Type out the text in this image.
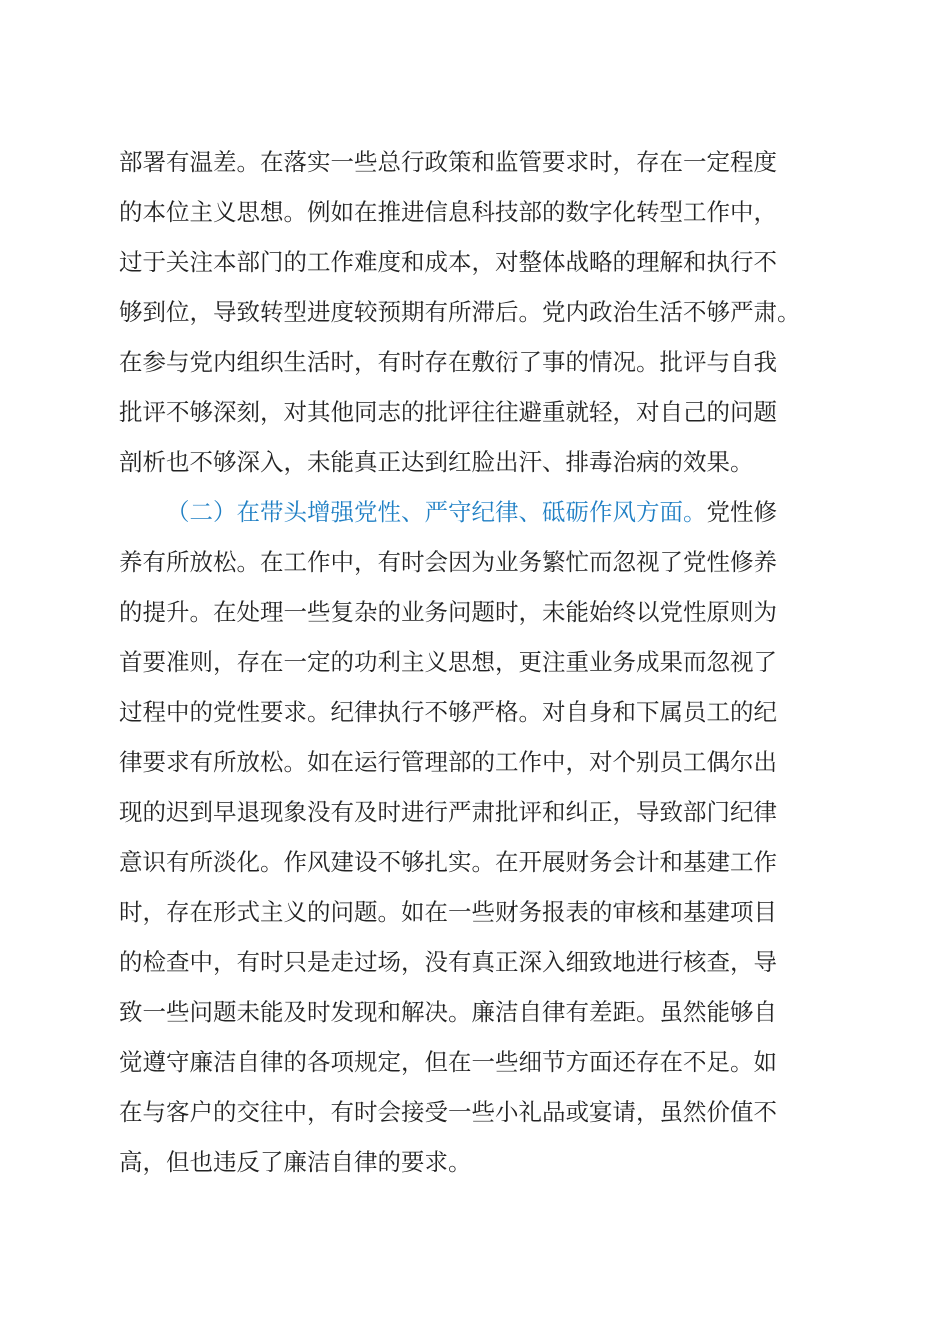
部署有温差。在落实一些总行政策和监管要求时，存在一定程度
的本位主义思想。例如在推进信息科技部的数字化转型工作中，
过于关注本部门的工作难度和成本，对整体战略的理解和执行不
够到位，导致转型进度较预期有所滞后。党内政治生活不够严肃。
在参与党内组织生活时，有时存在敷衍了事的情况。批评与自我
批评不够深刻，对其他同志的批评往往避重就轻，对自己的问题
剖析也不够深入，未能真正达到红脸出汗、排毒治病的效果。
（二）在带头增强党性、严守纪律、砥砺作风方面。党性修
养有所放松。在工作中，有时会因为业务繁忙而忽视了党性修养
的提升。在处理一些复杂的业务问题时，未能始终以党性原则为
首要准则，存在一定的功利主义思想，更注重业务成果而忽视了
过程中的党性要求。纪律执行不够严格。对自身和下属员工的纪
律要求有所放松。如在运行管理部的工作中，对个别员工偶尔出
现的迟到早退现象没有及时进行严肃批评和纠正，导致部门纪律
意识有所淡化。作风建设不够扎实。在开展财务会计和基建工作
时，存在形式主义的问题。如在一些财务报表的审核和基建项目
的检查中，有时只是走过场，没有真正深入细致地进行核查，导
致一些问题未能及时发现和解决。廉洁自律有差距。虽然能够自
觉遵守廉洁自律的各项规定，但在一些细节方面还存在不足。如
在与客户的交往中，有时会接受一些小礼品或宴请，虽然价值不
高，但也违反了廉洁自律的要求。
